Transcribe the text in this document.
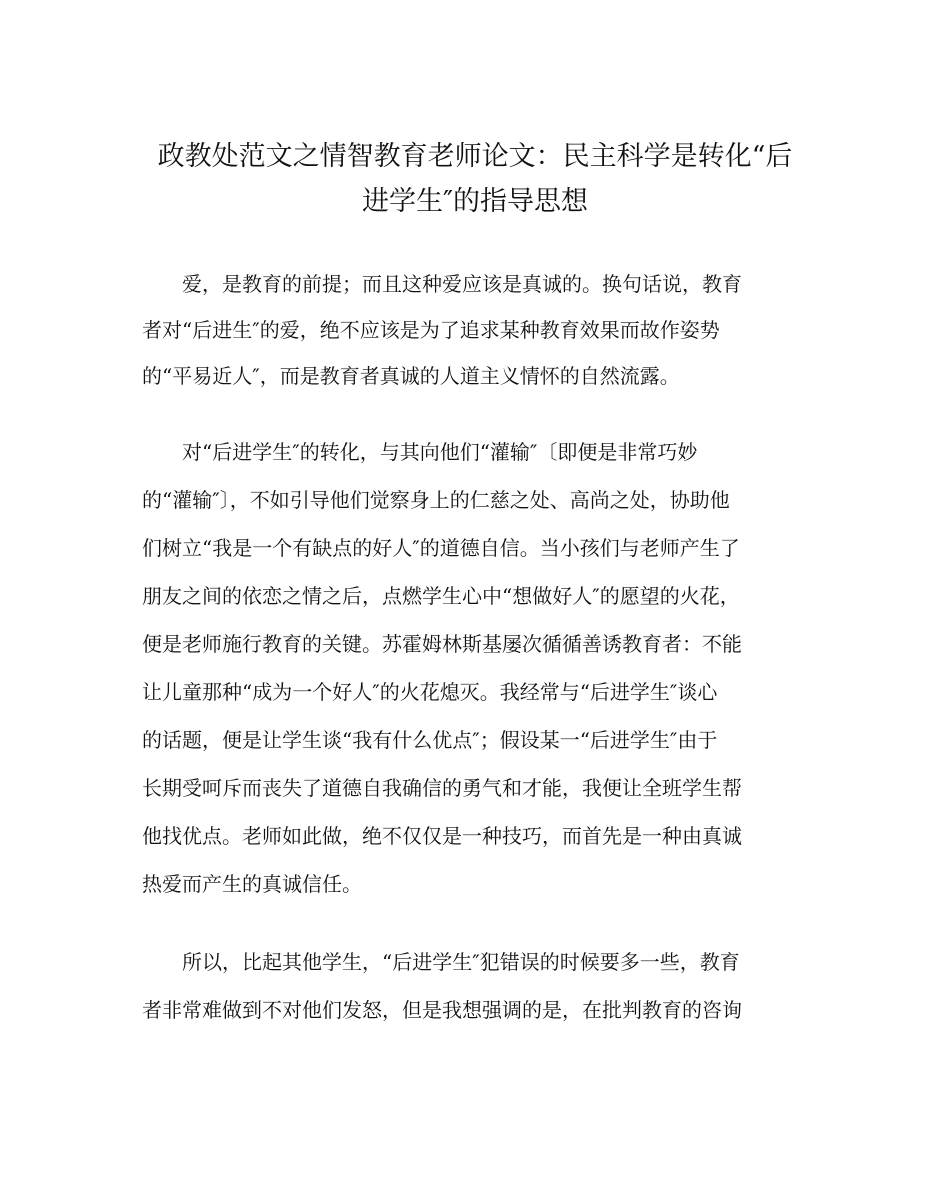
政教处范文之情智教育老师论文：民主科学是转化“后
进学生″的指导思想

爱，是教育的前提；而且这种爱应该是真诚的。换句话说，教育

者对“后进生″的爱，绝不应该是为了追求某种教育效果而故作姿势

的“平易近人″，而是教育者真诚的人道主义情怀的自然流露。

对“后进学生″的转化，与其向他们“灌输″〔即便是非常巧妙

的“灌输″〕，不如引导他们觉察身上的仁慈之处、高尚之处，协助他

们树立“我是一个有缺点的好人″的道德自信。当小孩们与老师产生了

朋友之间的依恋之情之后，点燃学生心中“想做好人″的愿望的火花，

便是老师施行教育的关键。苏霍姆林斯基屡次循循善诱教育者：不能

让儿童那种“成为一个好人″的火花熄灭。我经常与“后进学生″谈心

的话题，便是让学生谈“我有什么优点″；假设某一“后进学生″由于

长期受呵斥而丧失了道德自我确信的勇气和才能，我便让全班学生帮

他找优点。老师如此做，绝不仅仅是一种技巧，而首先是一种由真诚

热爱而产生的真诚信任。

所以，比起其他学生，“后进学生″犯错误的时候要多一些，教育

者非常难做到不对他们发怒，但是我想强调的是，在批判教育的咨询
